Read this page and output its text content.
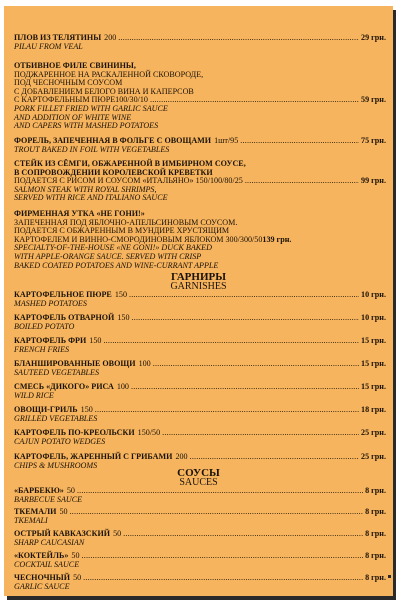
ПЛОВ ИЗ ТЕЛЯТИНЫ 200 .....	29 грн.
PILAU FROM VEAL
ОТБИВНОЕ ФИЛЕ СВИНИНЫ,
ПОДЖАРЕННОЕ НА РАСКАЛЕННОЙ СКОВОРОДЕ,
ПОД ЧЕСНОЧНЫМ СОУСОМ
С ДОБАВЛЕНИЕМ БЕЛОГО ВИНА И КАПЕРСОВ
С КАРТОФЕЛЬНЫМ ПЮРЕ100/30/10 .....	59 грн.
PORK FILLET FRIED WITH GARLIC SAUCE
AND ADDITION OF WHITE WINE
AND CAPERS WITH MASHED POTATOES
ФОРЕЛЬ, ЗАПЕЧЕННАЯ В ФОЛЬГЕ С ОВОЩАМИ 1шт/95 .....	75 грн.
TROUT BAKED IN FOIL WITH VEGETABLES
СТЕЙК ИЗ СЁМГИ, ОБЖАРЕННОЙ В ИМБИРНОМ СОУСЕ,
В СОПРОВОЖДЕНИИ КОРОЛЕВСКОЙ КРЕВЕТКИ
ПОДАЕТСЯ С РИСОМ И СОУСОМ «ИТАЛЬЯНО» 150/100/80/25 .....	99 грн.
SALMON STEAK WITH ROYAL SHRIMPS,
SERVED WITH RICE AND ITALIANO SAUCE
ФИРМЕННАЯ УТКА «НЕ ГОНИ!»
ЗАПЕЧЕННАЯ ПОД ЯБЛОЧНО-АПЕЛЬСИНОВЫМ СОУСОМ.
ПОДАЕТСЯ С ОБЖАРЕННЫМ В МУНДИРЕ ХРУСТЯЩИМ
КАРТОФЕЛЕМ И ВИННО-СМОРОДИНОВЫМ ЯБЛОКОМ 300/300/50 139 грн.
SPECIALTY-OF-THE-HOUSE «NE GONI!» DUCK BAKED
WITH APPLE-ORANGE SAUCE. SERVED WITH CRISP
BAKED COATED POTATOES AND WINE-CURRANT APPLE
ГАРНИРЫ
GARNISHES
КАРТОФЕЛЬНОЕ ПЮРЕ 150 .....	10 грн.
MASHED POTATOES
КАРТОФЕЛЬ ОТВАРНОЙ 150 .....	10 грн.
BOILED POTATO
КАРТОФЕЛЬ ФРИ 150 .....	15 грн.
FRENCH FRIES
БЛАНШИРОВАННЫЕ ОВОЩИ 100 .....	15 грн.
SAUTEED VEGETABLES
СМЕСЬ «ДИКОГО» РИСА 100 .....	15 грн.
WILD RICE
ОВОЩИ-ГРИЛЬ 150 .....	18 грн.
GRILLED VEGETABLES
КАРТОФЕЛЬ ПО-КРЕОЛЬСКИ 150/50 .....	25 грн.
CAJUN POTATO WEDGES
КАРТОФЕЛЬ, ЖАРЕННЫЙ С ГРИБАМИ 200 .....	25 грн.
CHIPS & MUSHROOMS
СОУСЫ
SAUCES
«БАРБЕКЮ» 50 .....	8 грн.
BARBECUE SAUCE
ТКЕМАЛИ 50 .....	8 грн.
TKEMALI
ОСТРЫЙ КАВКАЗСКИЙ 50 .....	8 грн.
SHARP CAUCASIAN
«КОКТЕЙЛЬ» 50 .....	8 грн.
COCKTAIL SAUCE
ЧЕСНОЧНЫЙ 50 .....	8 грн.
GARLIC SAUCE
